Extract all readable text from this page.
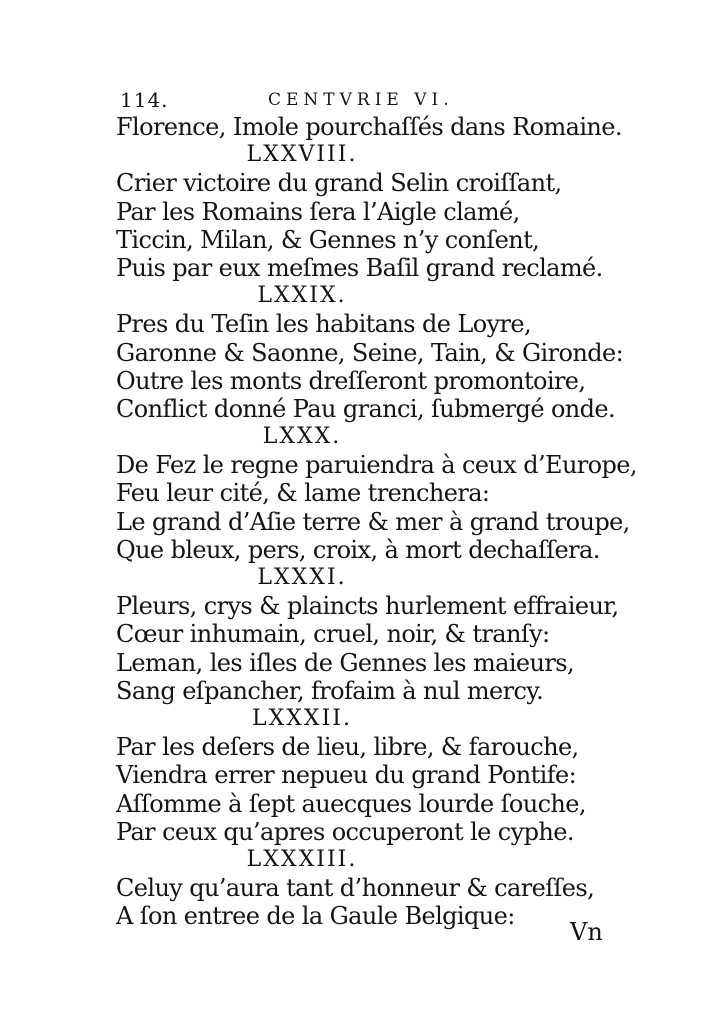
114.	CENTVRIE VI.
Florence, Imole pourchaſſés dans Romaine.
LXXVIII.
Crier victoire du grand Selin croiſſant,
Par les Romains ſera l’Aigle clamé,
Ticcin, Milan, & Gennes n’y conſent,
Puis par eux meſmes Baſil grand reclamé.
LXXIX.
Pres du Teſin les habitans de Loyre,
Garonne & Saonne, Seine, Tain, & Gironde:
Outre les monts dreſſeront promontoire,
Conflict donné Pau granci, ſubmergé onde.
LXXX.
De Fez le regne paruiendra à ceux d’Europe,
Feu leur cité, & lame trenchera:
Le grand d’Aſie terre & mer à grand troupe,
Que bleux, pers, croix, à mort dechaſſera.
LXXXI.
Pleurs, crys & plaincts hurlement effraieur,
Cœur inhumain, cruel, noir, & tranſy:
Leman, les iſles de Gennes les maieurs,
Sang eſpancher, frofaim à nul mercy.
LXXXII.
Par les deſers de lieu, libre, & farouche,
Viendra errer nepueu du grand Pontife:
Aſſomme à ſept auecques lourde ſouche,
Par ceux qu’apres occuperont le cyphe.
LXXXIII.
Celuy qu’aura tant d’honneur & careſſes,
A ſon entree de la Gaule Belgique:
Vn
